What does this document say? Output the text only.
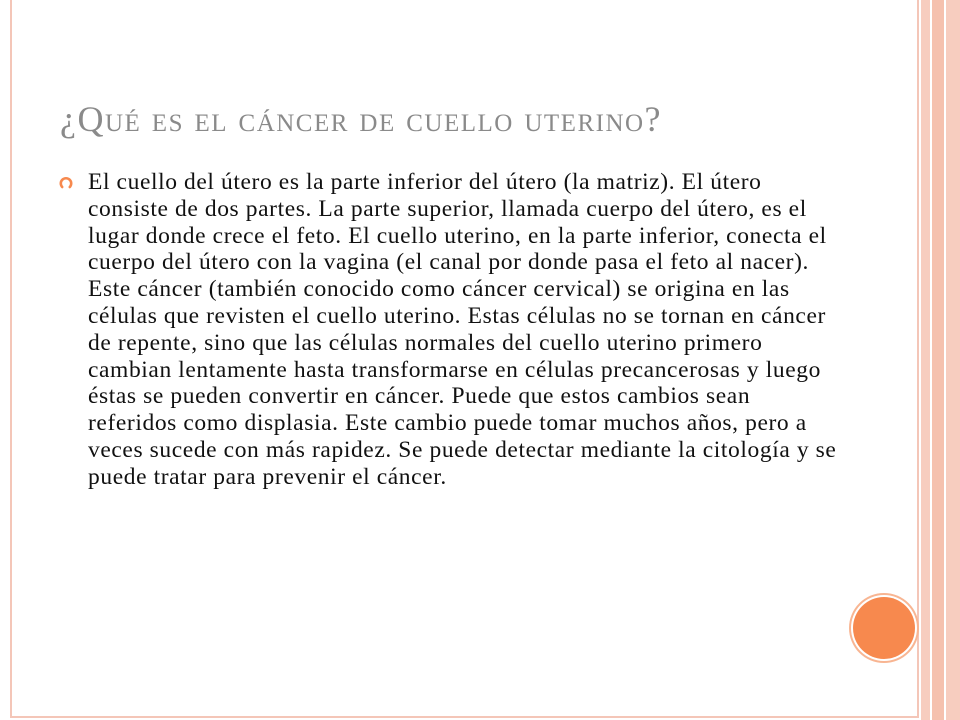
¿Qué es el cáncer de cuello uterino?

El cuello del útero es la parte inferior del útero (la matriz). El útero consiste de dos partes. La parte superior, llamada cuerpo del útero, es el lugar donde crece el feto. El cuello uterino, en la parte inferior, conecta el cuerpo del útero con la vagina (el canal por donde pasa el feto al nacer). Este cáncer (también conocido como cáncer cervical) se origina en las células que revisten el cuello uterino. Estas células no se tornan en cáncer de repente, sino que las células normales del cuello uterino primero cambian lentamente hasta transformarse en células precancerosas y luego éstas se pueden convertir en cáncer. Puede que estos cambios sean referidos como displasia. Este cambio puede tomar muchos años, pero a veces sucede con más rapidez. Se puede detectar mediante la citología y se puede tratar para prevenir el cáncer.
